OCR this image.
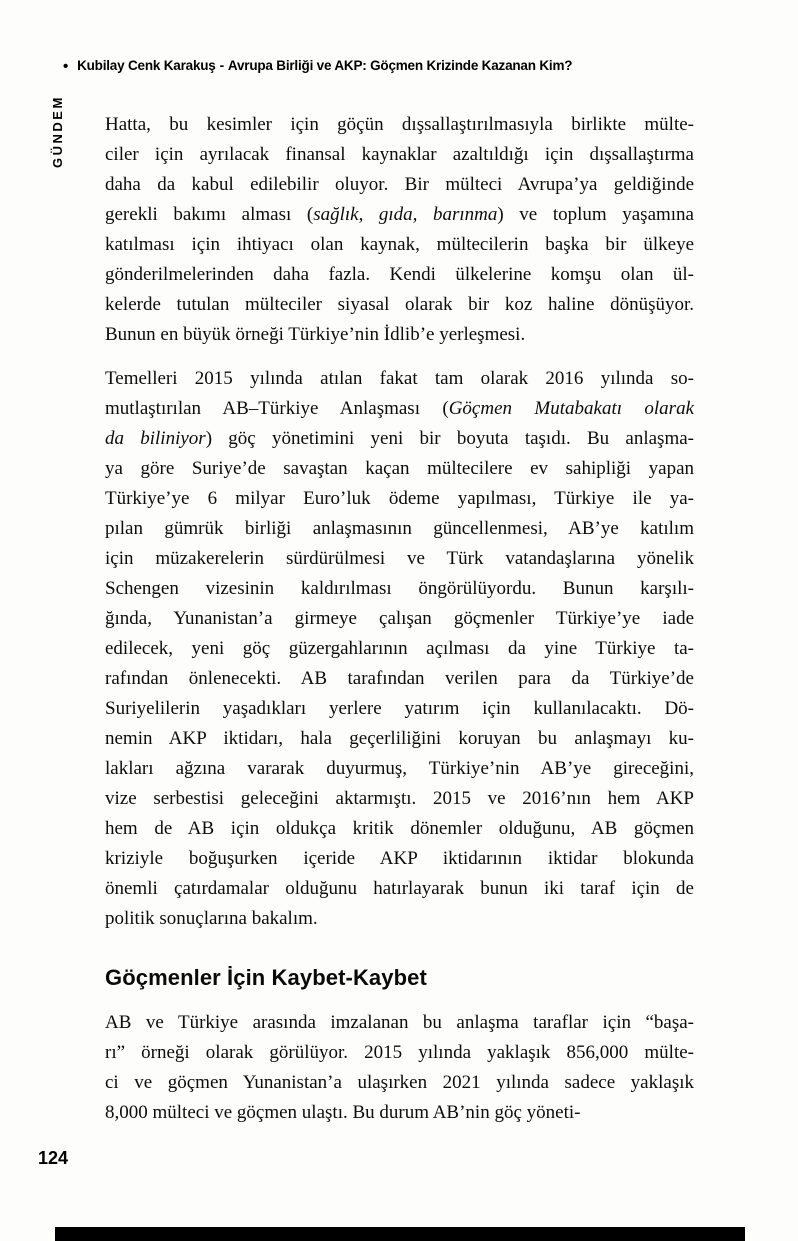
• Kubilay Cenk Karakuş - Avrupa Birliği ve AKP: Göçmen Krizinde Kazanan Kim?
GÜNDEM Hatta, bu kesimler için göçün dışsallaştırılmasıyla birlikte mülte-
ciler için ayrılacak finansal kaynaklar azaltıldığı için dışsallaştırma
daha da kabul edilebilir oluyor. Bir mülteci Avrupa’ya geldiğinde
gerekli bakımı alması (sağlık, gıda, barınma) ve toplum yaşamına
katılması için ihtiyacı olan kaynak, mültecilerin başka bir ülkeye
gönderilmelerinden daha fazla. Kendi ülkelerine komşu olan ül-
kelerde tutulan mülteciler siyasal olarak bir koz haline dönüşüyor.
Bunun en büyük örneği Türkiye’nin İdlib’e yerleşmesi.
Temelleri 2015 yılında atılan fakat tam olarak 2016 yılında so-
mutlaştırılan AB–Türkiye Anlaşması (Göçmen Mutabakatı olarak
da biliniyor) göç yönetimini yeni bir boyuta taşıdı. Bu anlaşma-
ya göre Suriye’de savaştan kaçan mültecilere ev sahipliği yapan
Türkiye’ye 6 milyar Euro’luk ödeme yapılması, Türkiye ile ya-
pılan gümrük birliği anlaşmasının güncellenmesi, AB’ye katılım
için müzakerelerin sürdürülmesi ve Türk vatandaşlarına yönelik
Schengen vizesinin kaldırılması öngörülüyordu. Bunun karşılı-
ğında, Yunanistan’a girmeye çalışan göçmenler Türkiye’ye iade
edilecek, yeni göç güzergahlarının açılması da yine Türkiye ta-
rafından önlenecekti. AB tarafından verilen para da Türkiye’de
Suriyelilerin yaşadıkları yerlere yatırım için kullanılacaktı. Dö-
nemin AKP iktidarı, hala geçerliliğini koruyan bu anlaşmayı ku-
lakları ağzına vararak duyurmuş, Türkiye’nin AB’ye gireceğini,
vize serbestisi geleceğini aktarmıştı. 2015 ve 2016’nın hem AKP
hem de AB için oldukça kritik dönemler olduğunu, AB göçmen
kriziyle boğuşurken içeride AKP iktidarının iktidar blokunda
önemli çatırdamalar olduğunu hatırlayarak bunun iki taraf için de
politik sonuçlarına bakalım.
Göçmenler İçin Kaybet-Kaybet
AB ve Türkiye arasında imzalanan bu anlaşma taraflar için “başa-
rı” örneği olarak görülüyor. 2015 yılında yaklaşık 856,000 mülte-
ci ve göçmen Yunanistan’a ulaşırken 2021 yılında sadece yaklaşık
8,000 mülteci ve göçmen ulaştı. Bu durum AB’nin göç yöneti-
124
